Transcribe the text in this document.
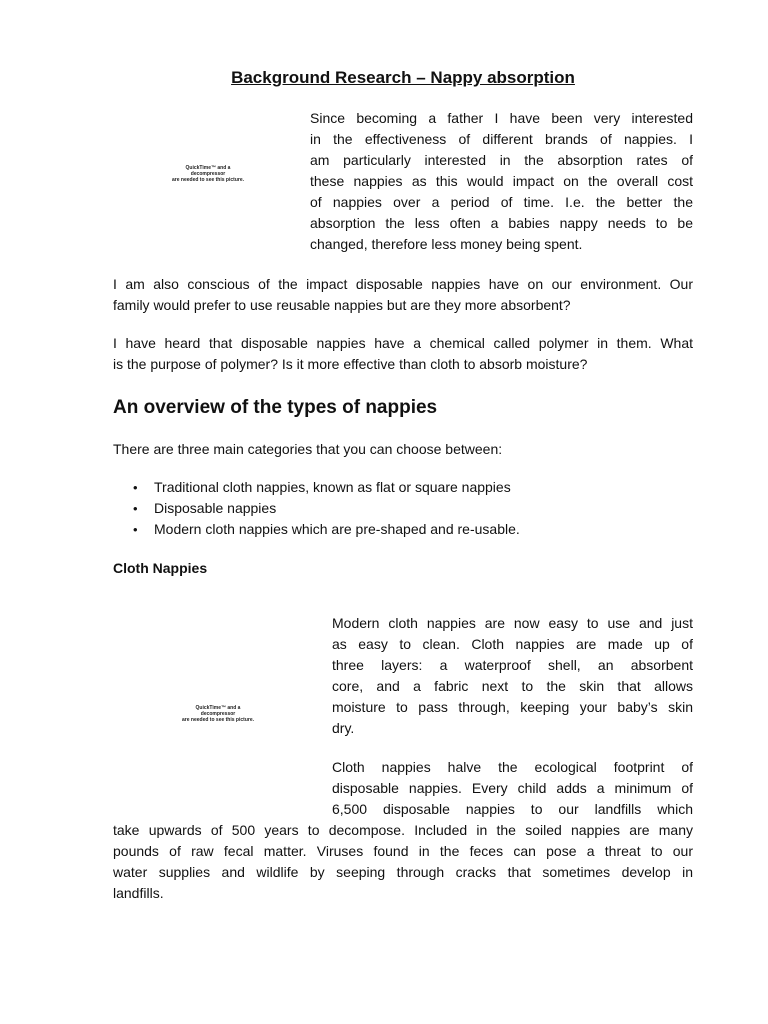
Background Research – Nappy absorption
QuickTime™ and a
decompressor
are needed to see this picture.
Since becoming a father I have been very interested
in the effectiveness of different brands of nappies. I
am particularly interested in the absorption rates of
these nappies as this would impact on the overall cost
of nappies over a period of time. I.e. the better the
absorption the less often a babies nappy needs to be
changed, therefore less money being spent.
I am also conscious of the impact disposable nappies have on our environment. Our
family would prefer to use reusable nappies but are they more absorbent?
I have heard that disposable nappies have a chemical called polymer in them. What
is the purpose of polymer? Is it more effective than cloth to absorb moisture?
An overview of the types of nappies
There are three main categories that you can choose between:
•	Traditional cloth nappies, known as flat or square nappies
•	Disposable nappies
•	Modern cloth nappies which are pre-shaped and re-usable.
Cloth Nappies
QuickTime™ and a
decompressor
are needed to see this picture.
Modern cloth nappies are now easy to use and just
as easy to clean. Cloth nappies are made up of
three layers: a waterproof shell, an absorbent
core, and a fabric next to the skin that allows
moisture to pass through, keeping your baby’s skin
dry.
Cloth nappies halve the ecological footprint of
disposable nappies. Every child adds a minimum of
6,500 disposable nappies to our landfills which
take upwards of 500 years to decompose. Included in the soiled nappies are many
pounds of raw fecal matter. Viruses found in the feces can pose a threat to our
water supplies and wildlife by seeping through cracks that sometimes develop in
landfills.
